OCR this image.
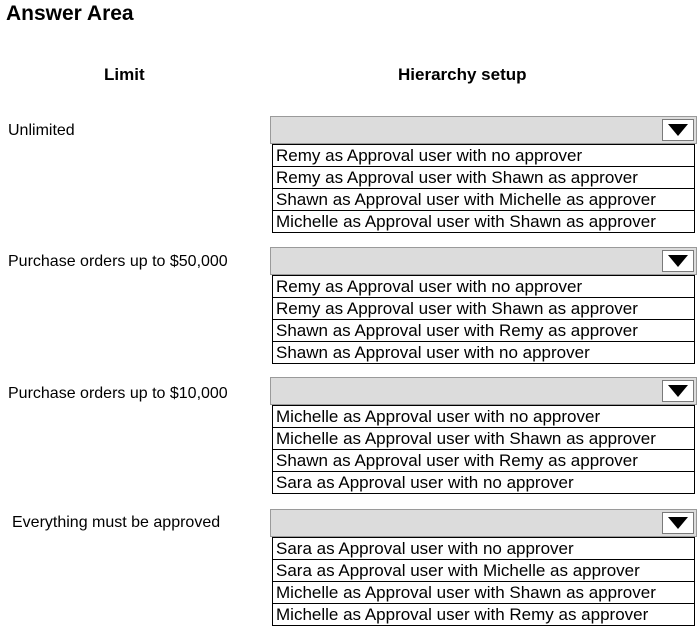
Answer Area
Limit	Hierarchy setup
Unlimited
Remy as Approval user with no approver
Remy as Approval user with Shawn as approver
Shawn as Approval user with Michelle as approver
Michelle as Approval user with Shawn as approver
Purchase orders up to $50,000
Remy as Approval user with no approver
Remy as Approval user with Shawn as approver
Shawn as Approval user with Remy as approver
Shawn as Approval user with no approver
Purchase orders up to $10,000
Michelle as Approval user with no approver
Michelle as Approval user with Shawn as approver
Shawn as Approval user with Remy as approver
Sara as Approval user with no approver
Everything must be approved
Sara as Approval user with no approver
Sara as Approval user with Michelle as approver
Michelle as Approval user with Shawn as approver
Michelle as Approval user with Remy as approver
